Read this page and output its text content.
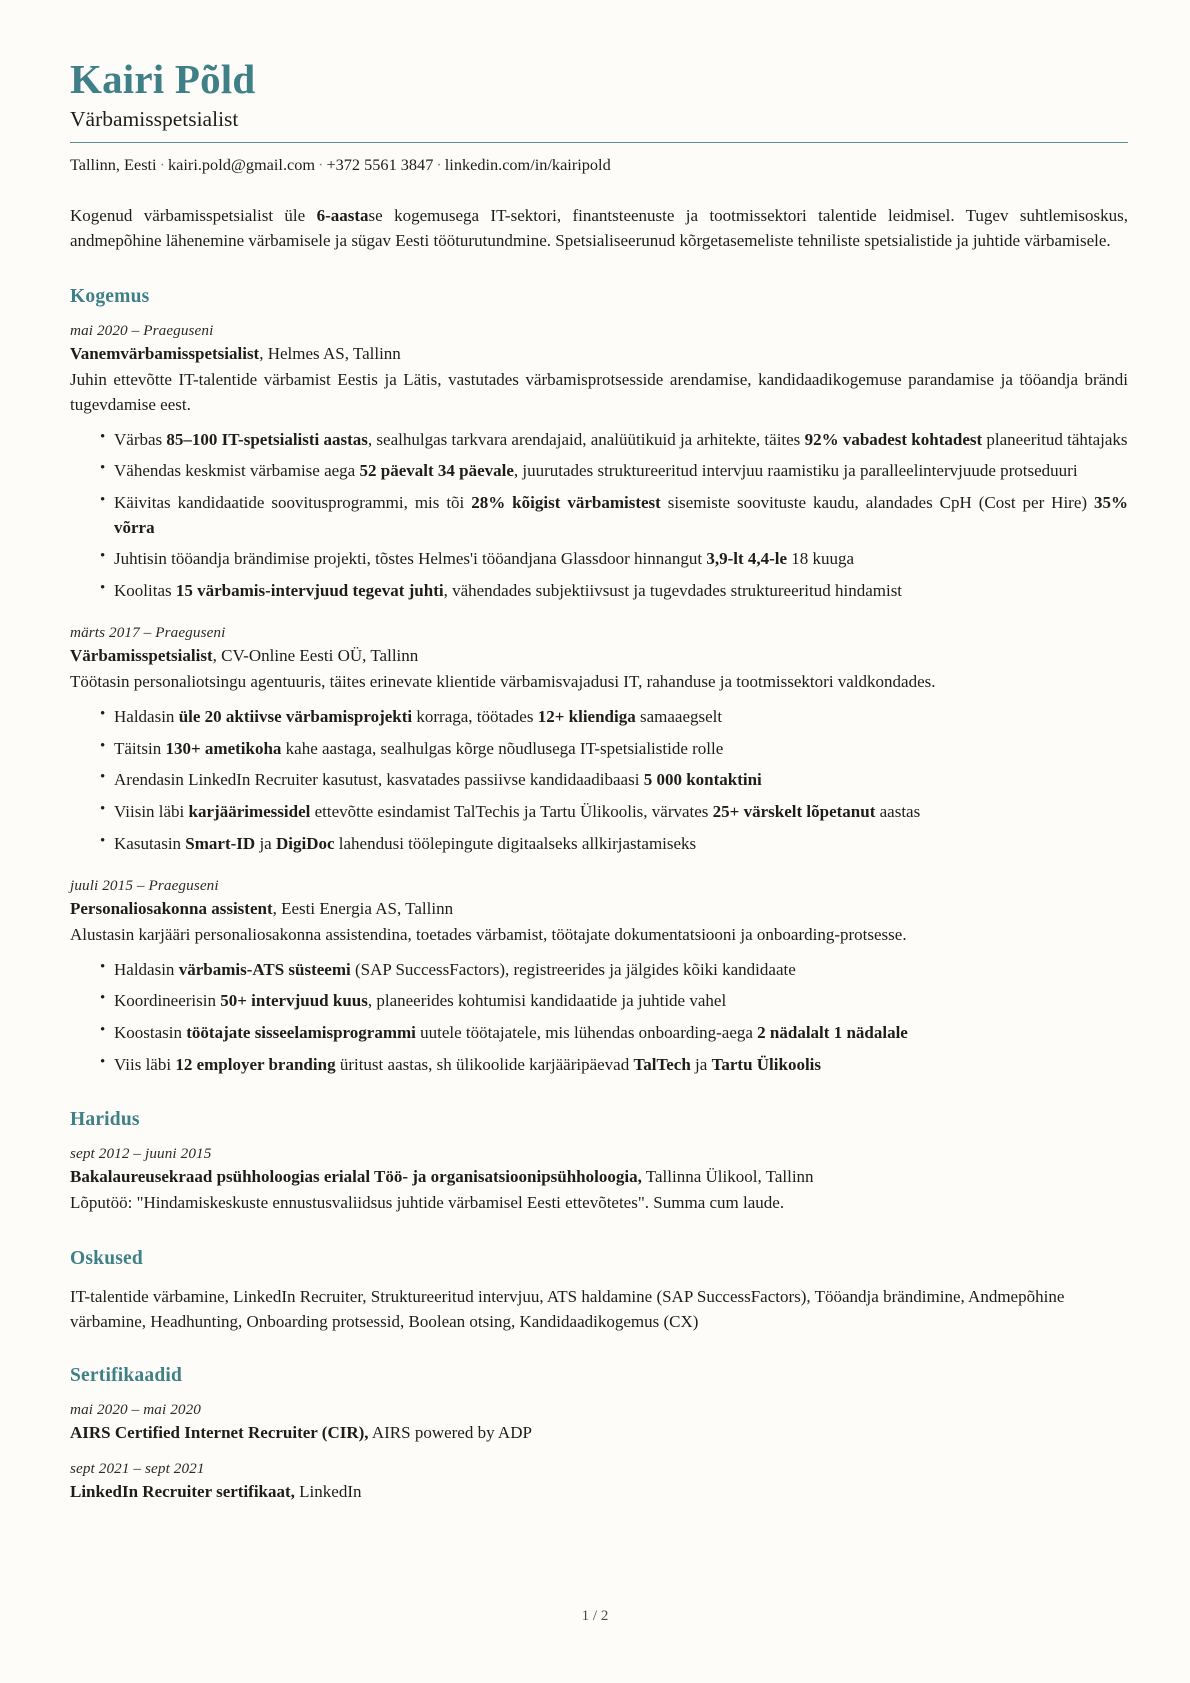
Kairi Põld
Värbamisspetsialist

Tallinn, Eesti · kairi.pold@gmail.com · +372 5561 3847 · linkedin.com/in/kairipold

Kogenud värbamisspetsialist üle 6-aastase kogemusega IT-sektori, finantsteenuste ja tootmissektori talentide leidmisel. Tugev suhtlemisoskus, andmepõhine lähenemine värbamisele ja sügav Eesti tööturutundmine. Spetsialiseerunud kõrgetasemeliste tehniliste spetsialistide ja juhtide värbamisele.

Kogemus
mai 2020 – Praeguseni
Vanemvärbamisspetsialist, Helmes AS, Tallinn

Juhin ettevõtte IT-talentide värbamist Eestis ja Lätis, vastutades värbamisprotsesside arendamise, kandidaadikogemuse parandamise ja tööandja brändi tugevdamise eest.

• Värbas 85–100 IT-spetsialisti aastas, sealhulgas tarkvara arendajaid, analüütikuid ja arhitekte, täites 92% vabadest kohtadest planeeritud tähtajaks
• Vähendas keskmist värbamise aega 52 päevalt 34 päevale, juurutades struktureeritud intervjuu raamistiku ja paralleelintervjuude protseduuri
• Käivitas kandidaatide soovitusprogrammi, mis tõi 28% kõigist värbamistest sisemiste soovituste kaudu, alandades CpH (Cost per Hire) 35% võrra
• Juhtisin tööandja brändimise projekti, tõstes Helmes'i tööandjana Glassdoor hinnangut 3,9-lt 4,4-le 18 kuuga
• Koolitas 15 värbamis-intervjuud tegevat juhti, vähendades subjektiivsust ja tugevdades struktureeritud hindamist
märts 2017 – Praeguseni
Värbamisspetsialist, CV-Online Eesti OÜ, Tallinn

Töötasin personaliotsingu agentuuris, täites erinevate klientide värbamisvajadusi IT, rahanduse ja tootmissektori valdkondades.

• Haldasin üle 20 aktiivse värbamisprojekti korraga, töötades 12+ kliendiga samaaegselt
• Täitsin 130+ ametikoha kahe aastaga, sealhulgas kõrge nõudlusega IT-spetsialistide rolle
• Arendasin LinkedIn Recruiter kasutust, kasvatades passiivse kandidaadibaasi 5 000 kontaktini
• Viisin läbi karjäärimessidel ettevõtte esindamist TalTechis ja Tartu Ülikoolis, värvates 25+ värskelt lõpetanut aastas
• Kasutasin Smart-ID ja DigiDoc lahendusi töölepingute digitaalseks allkirjastamiseks
juuli 2015 – Praeguseni
Personaliosakonna assistent, Eesti Energia AS, Tallinn

Alustasin karjääri personaliosakonna assistendina, toetades värbamist, töötajate dokumentatsiooni ja onboarding-protsesse.

• Haldasin värbamis-ATS süsteemi (SAP SuccessFactors), registreerides ja jälgides kõiki kandidaate
• Koordineerisin 50+ intervjuud kuus, planeerides kohtumisi kandidaatide ja juhtide vahel
• Koostasin töötajate sisseelamisprogrammi uutele töötajatele, mis lühendas onboarding-aega 2 nädalalt 1 nädalale
• Viis läbi 12 employer branding üritust aastas, sh ülikoolide karjääripäevad TalTech ja Tartu Ülikoolis
Haridus
sept 2012 – juuni 2015
Bakalaureusekraad psühholoogias erialal Töö- ja organisatsioonipsühholoogia, Tallinna Ülikool, Tallinn

Lõputöö: "Hindamiskeskuste ennustusvaliidsus juhtide värbamisel Eesti ettevõtetes". Summa cum laude.

Oskused

IT-talentide värbamine, LinkedIn Recruiter, Struktureeritud intervjuu, ATS haldamine (SAP SuccessFactors), Tööandja brändimine, Andmepõhine värbamine, Headhunting, Onboarding protsessid, Boolean otsing, Kandidaadikogemus (CX)

Sertifikaadid
mai 2020 – mai 2020
AIRS Certified Internet Recruiter (CIR), AIRS powered by ADP
sept 2021 – sept 2021
LinkedIn Recruiter sertifikaat, LinkedIn
1 / 2
